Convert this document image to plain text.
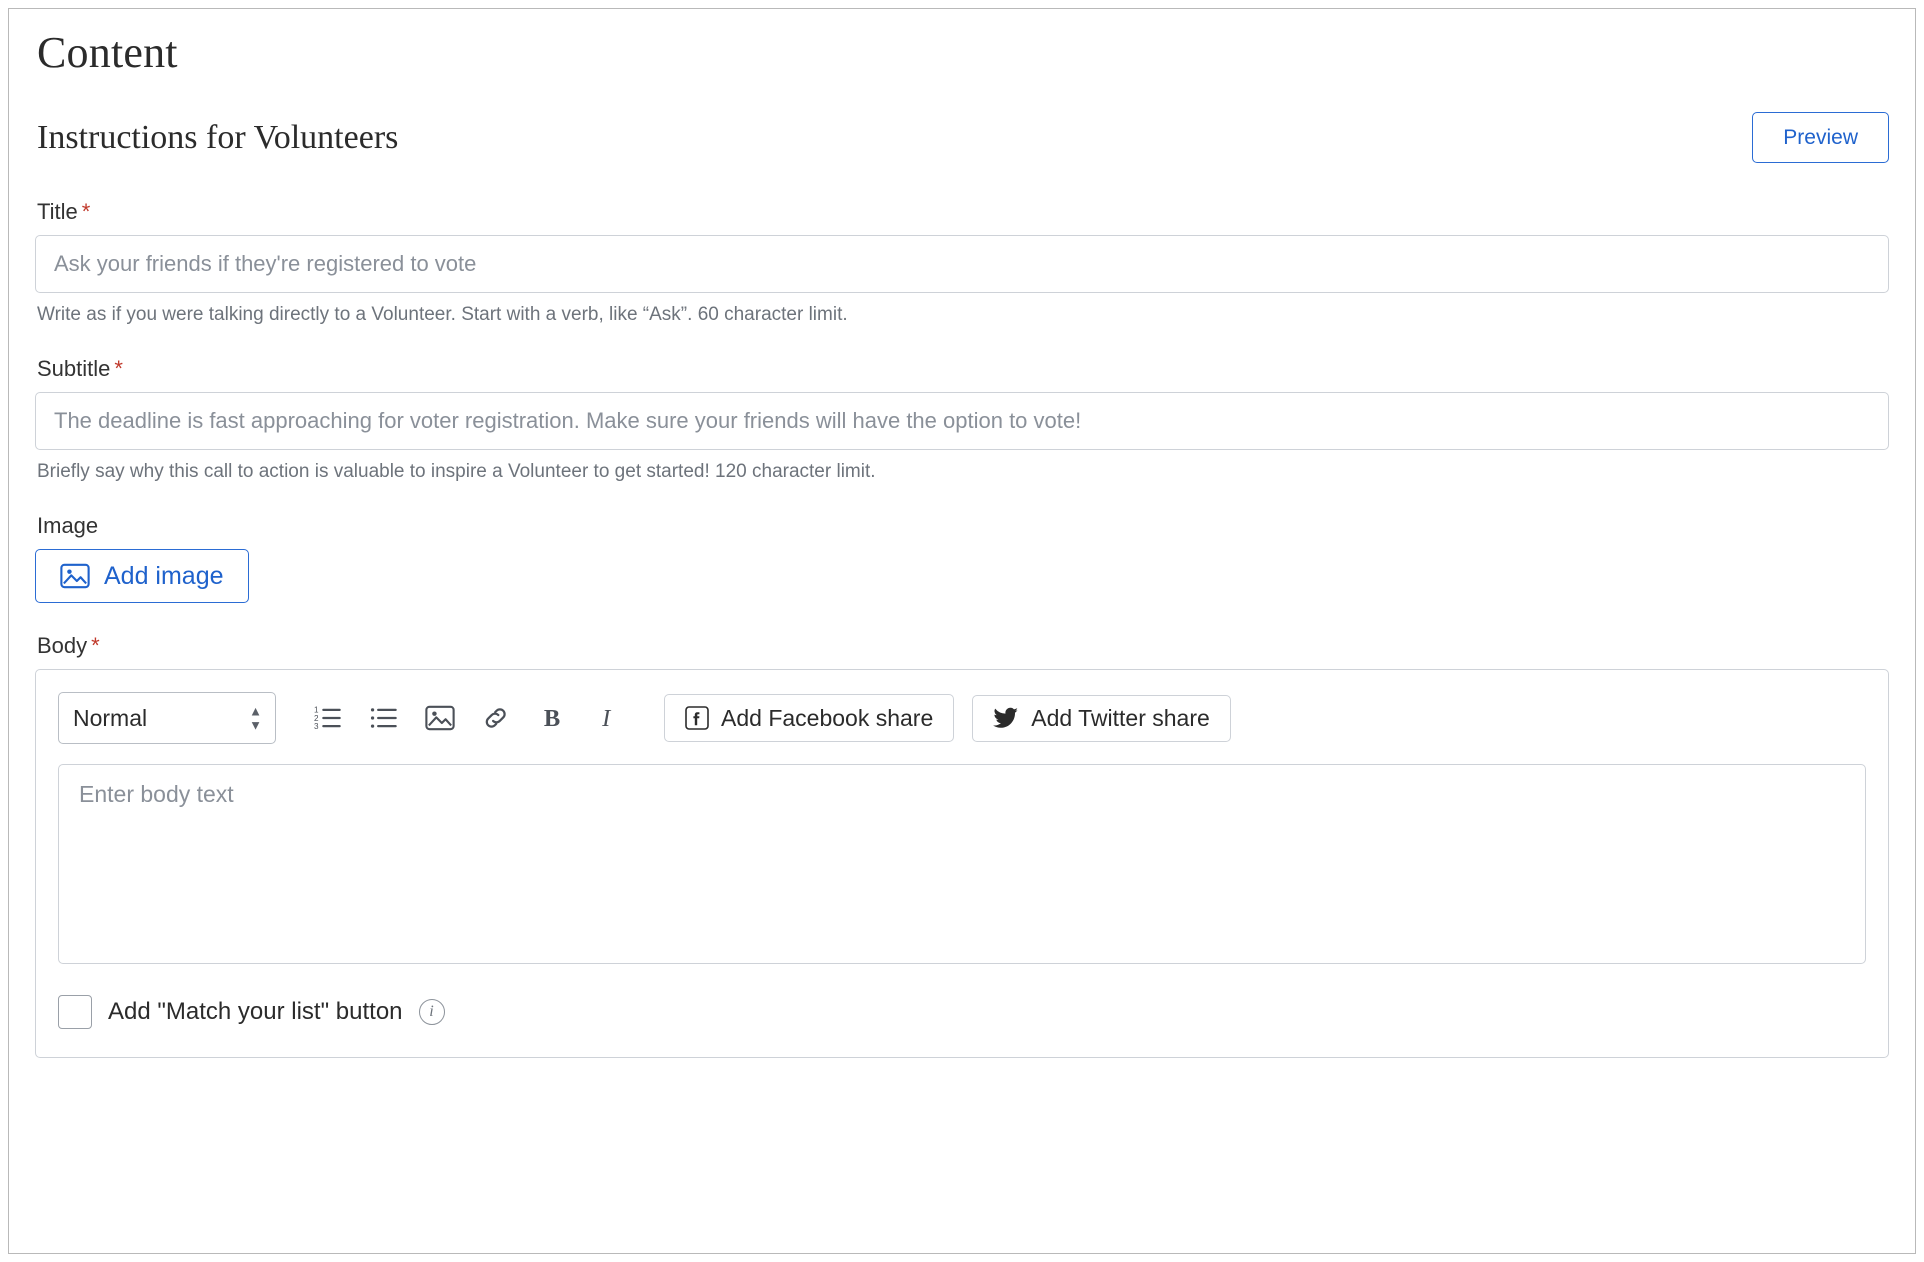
Content
Instructions for Volunteers	Preview
Title *
Ask your friends if they're registered to vote
Write as if you were talking directly to a Volunteer. Start with a verb, like “Ask”. 60 character limit.
Subtitle *
The deadline is fast approaching for voter registration. Make sure your friends will have the option to vote!
Briefly say why this call to action is valuable to inspire a Volunteer to get started! 120 character limit.
Image
Add image
Body *
Normal
▲
▼
1
2
3	B I	Add Facebook share	Add Twitter share
Enter body text
Add "Match your list" button	i
